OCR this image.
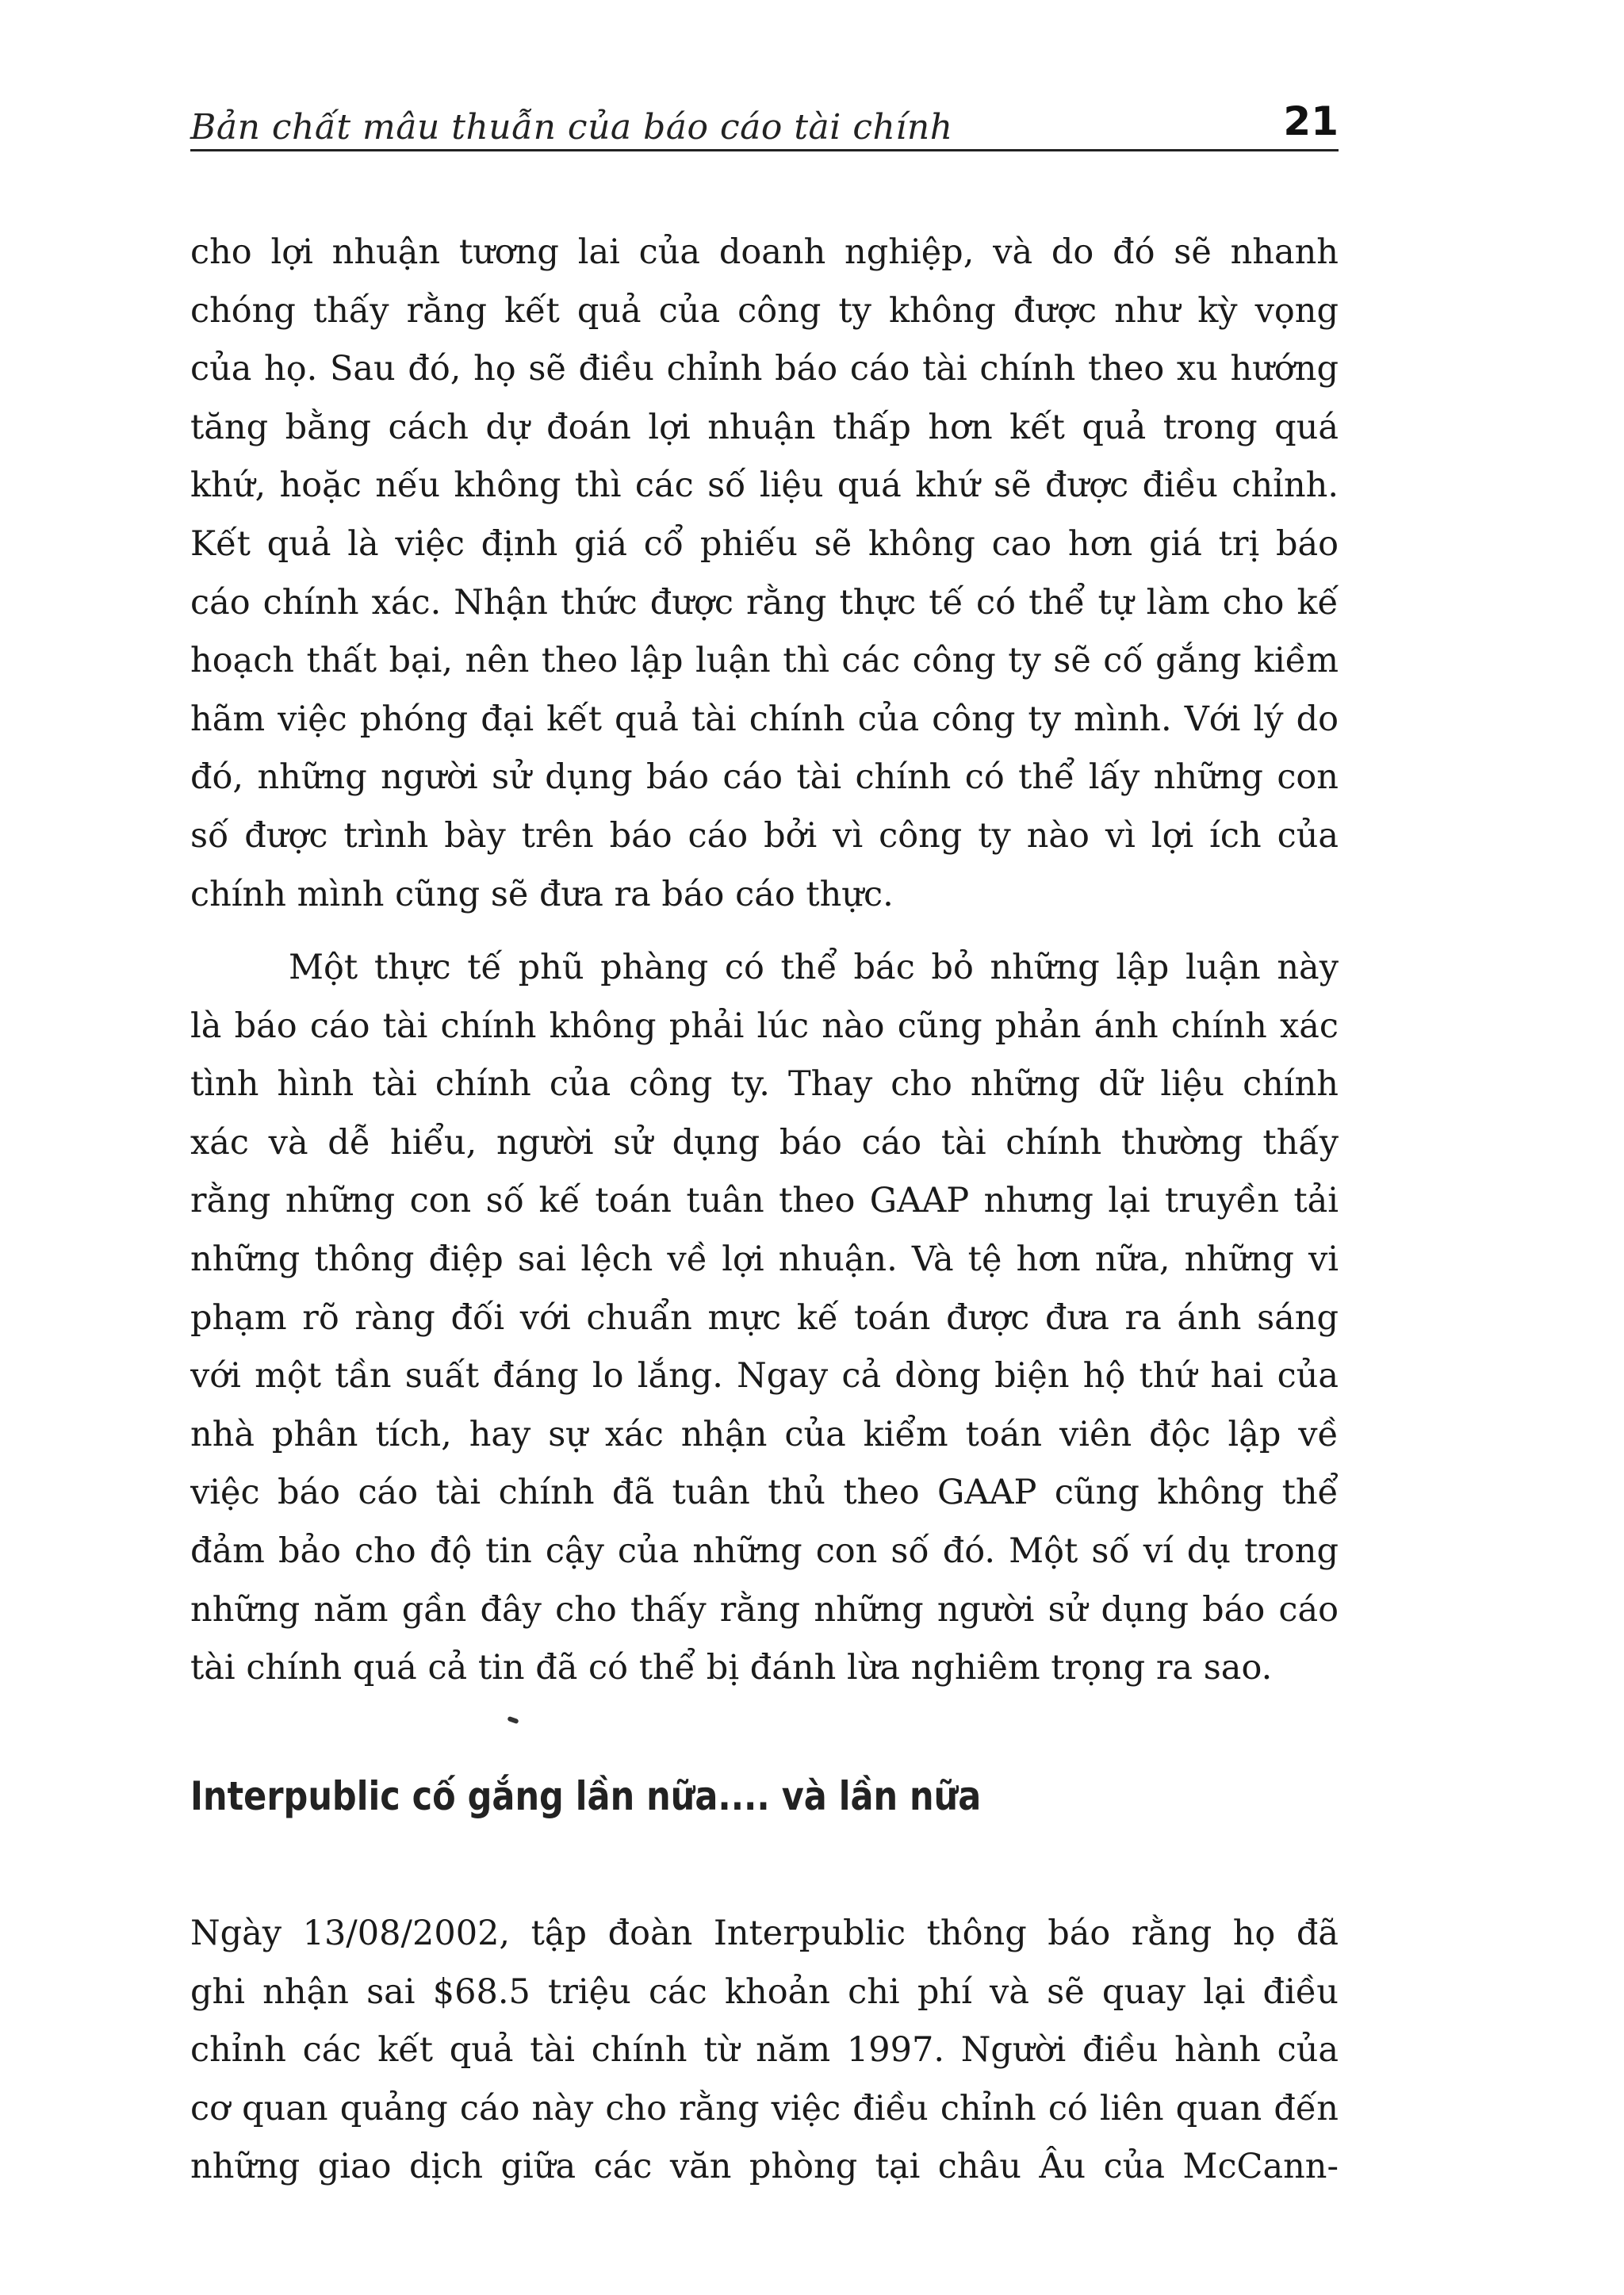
Bản chất mâu thuẫn của báo cáo tài chính	21
cho lợi nhuận tương lai của doanh nghiệp, và do đó sẽ nhanh
chóng thấy rằng kết quả của công ty không được như kỳ vọng
của họ. Sau đó, họ sẽ điều chỉnh báo cáo tài chính theo xu hướng
tăng bằng cách dự đoán lợi nhuận thấp hơn kết quả trong quá
khứ, hoặc nếu không thì các số liệu quá khứ sẽ được điều chỉnh.
Kết quả là việc định giá cổ phiếu sẽ không cao hơn giá trị báo
cáo chính xác. Nhận thức được rằng thực tế có thể tự làm cho kế
hoạch thất bại, nên theo lập luận thì các công ty sẽ cố gắng kiềm
hãm việc phóng đại kết quả tài chính của công ty mình. Với lý do
đó, những người sử dụng báo cáo tài chính có thể lấy những con
số được trình bày trên báo cáo bởi vì công ty nào vì lợi ích của
chính mình cũng sẽ đưa ra báo cáo thực.
Một thực tế phũ phàng có thể bác bỏ những lập luận này
là báo cáo tài chính không phải lúc nào cũng phản ánh chính xác
tình hình tài chính của công ty. Thay cho những dữ liệu chính
xác và dễ hiểu, người sử dụng báo cáo tài chính thường thấy
rằng những con số kế toán tuân theo GAAP nhưng lại truyền tải
những thông điệp sai lệch về lợi nhuận. Và tệ hơn nữa, những vi
phạm rõ ràng đối với chuẩn mực kế toán được đưa ra ánh sáng
với một tần suất đáng lo lắng. Ngay cả dòng biện hộ thứ hai của
nhà phân tích, hay sự xác nhận của kiểm toán viên độc lập về
việc báo cáo tài chính đã tuân thủ theo GAAP cũng không thể
đảm bảo cho độ tin cậy của những con số đó. Một số ví dụ trong
những năm gần đây cho thấy rằng những người sử dụng báo cáo
tài chính quá cả tin đã có thể bị đánh lừa nghiêm trọng ra sao.
Interpublic cố gắng lần nữa.... và lần nữa
Ngày 13/08/2002, tập đoàn Interpublic thông báo rằng họ đã
ghi nhận sai $68.5 triệu các khoản chi phí và sẽ quay lại điều
chỉnh các kết quả tài chính từ năm 1997. Người điều hành của
cơ quan quảng cáo này cho rằng việc điều chỉnh có liên quan đến
những giao dịch giữa các văn phòng tại châu Âu của McCann-
